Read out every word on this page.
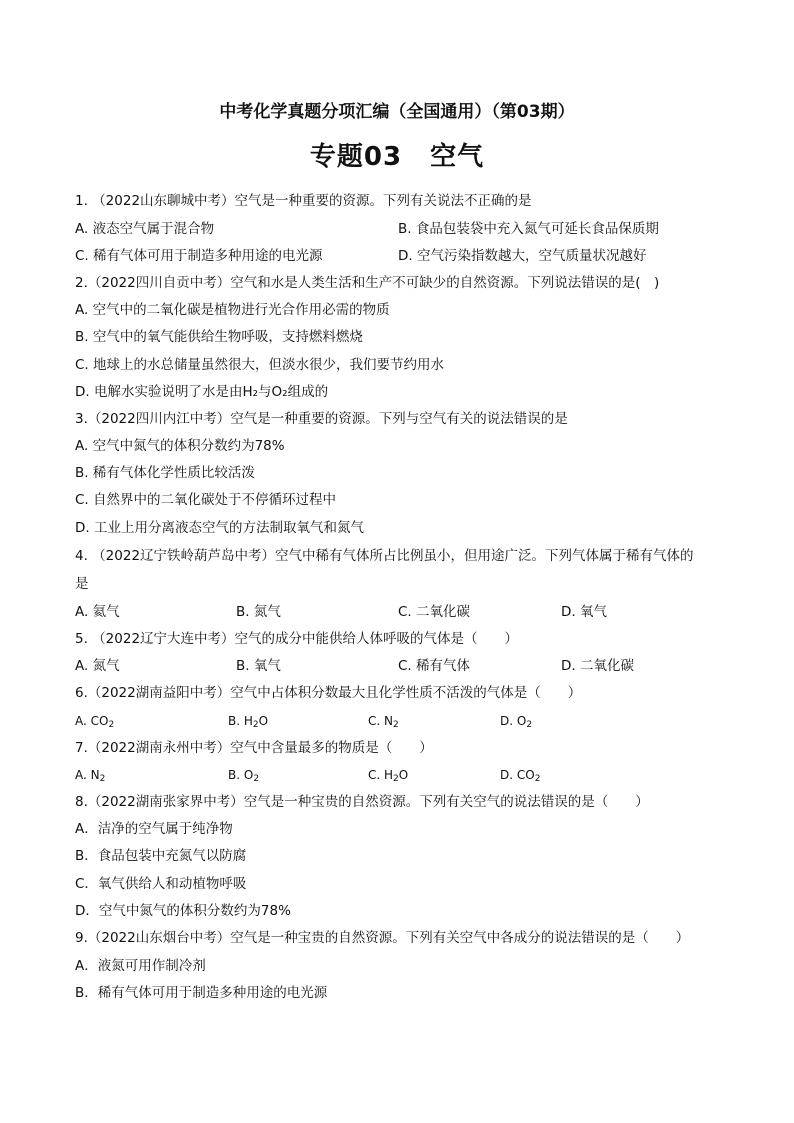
中考化学真题分项汇编（全国通用）（第03期）
专题03 空气
1. （2022山东聊城中考）空气是一种重要的资源。下列有关说法不正确的是
A. 液态空气属于混合物	B. 食品包装袋中充入氮气可延长食品保质期
C. 稀有气体可用于制造多种用途的电光源	D. 空气污染指数越大，空气质量状况越好
2.（2022四川自贡中考）空气和水是人类生活和生产不可缺少的自然资源。下列说法错误的是(　)
A. 空气中的二氧化碳是植物进行光合作用必需的物质
B. 空气中的氧气能供给生物呼吸，支持燃料燃烧
C. 地球上的水总储量虽然很大，但淡水很少，我们要节约用水
D. 电解水实验说明了水是由H₂与O₂组成的
3.（2022四川内江中考）空气是一种重要的资源。下列与空气有关的说法错误的是
A. 空气中氮气的体积分数约为78%
B. 稀有气体化学性质比较活泼
C. 自然界中的二氧化碳处于不停循环过程中
D. 工业上用分离液态空气的方法制取氧气和氮气
4. （2022辽宁铁岭葫芦岛中考）空气中稀有气体所占比例虽小，但用途广泛。下列气体属于稀有气体的
是
A. 氦气	B. 氮气	C. 二氧化碳	D. 氧气
5. （2022辽宁大连中考）空气的成分中能供给人体呼吸的气体是（　　）
A. 氮气	B. 氧气	C. 稀有气体	D. 二氧化碳
6.（2022湖南益阳中考）空气中占体积分数最大且化学性质不活泼的气体是（　　）
A. $CO_2$	B. $H_2O$	C. $N_2$	D. $O_2$
7.（2022湖南永州中考）空气中含量最多的物质是（　　）
A. $N_2$	B. $O_2$	C. $H_2O$	D. $CO_2$
8.（2022湖南张家界中考）空气是一种宝贵的自然资源。下列有关空气的说法错误的是（　　）
A．洁净的空气属于纯净物
B．食品包装中充氮气以防腐
C．氧气供给人和动植物呼吸
D．空气中氮气的体积分数约为78%
9.（2022山东烟台中考）空气是一种宝贵的自然资源。下列有关空气中各成分的说法错误的是（　　）
A．液氮可用作制冷剂
B．稀有气体可用于制造多种用途的电光源
